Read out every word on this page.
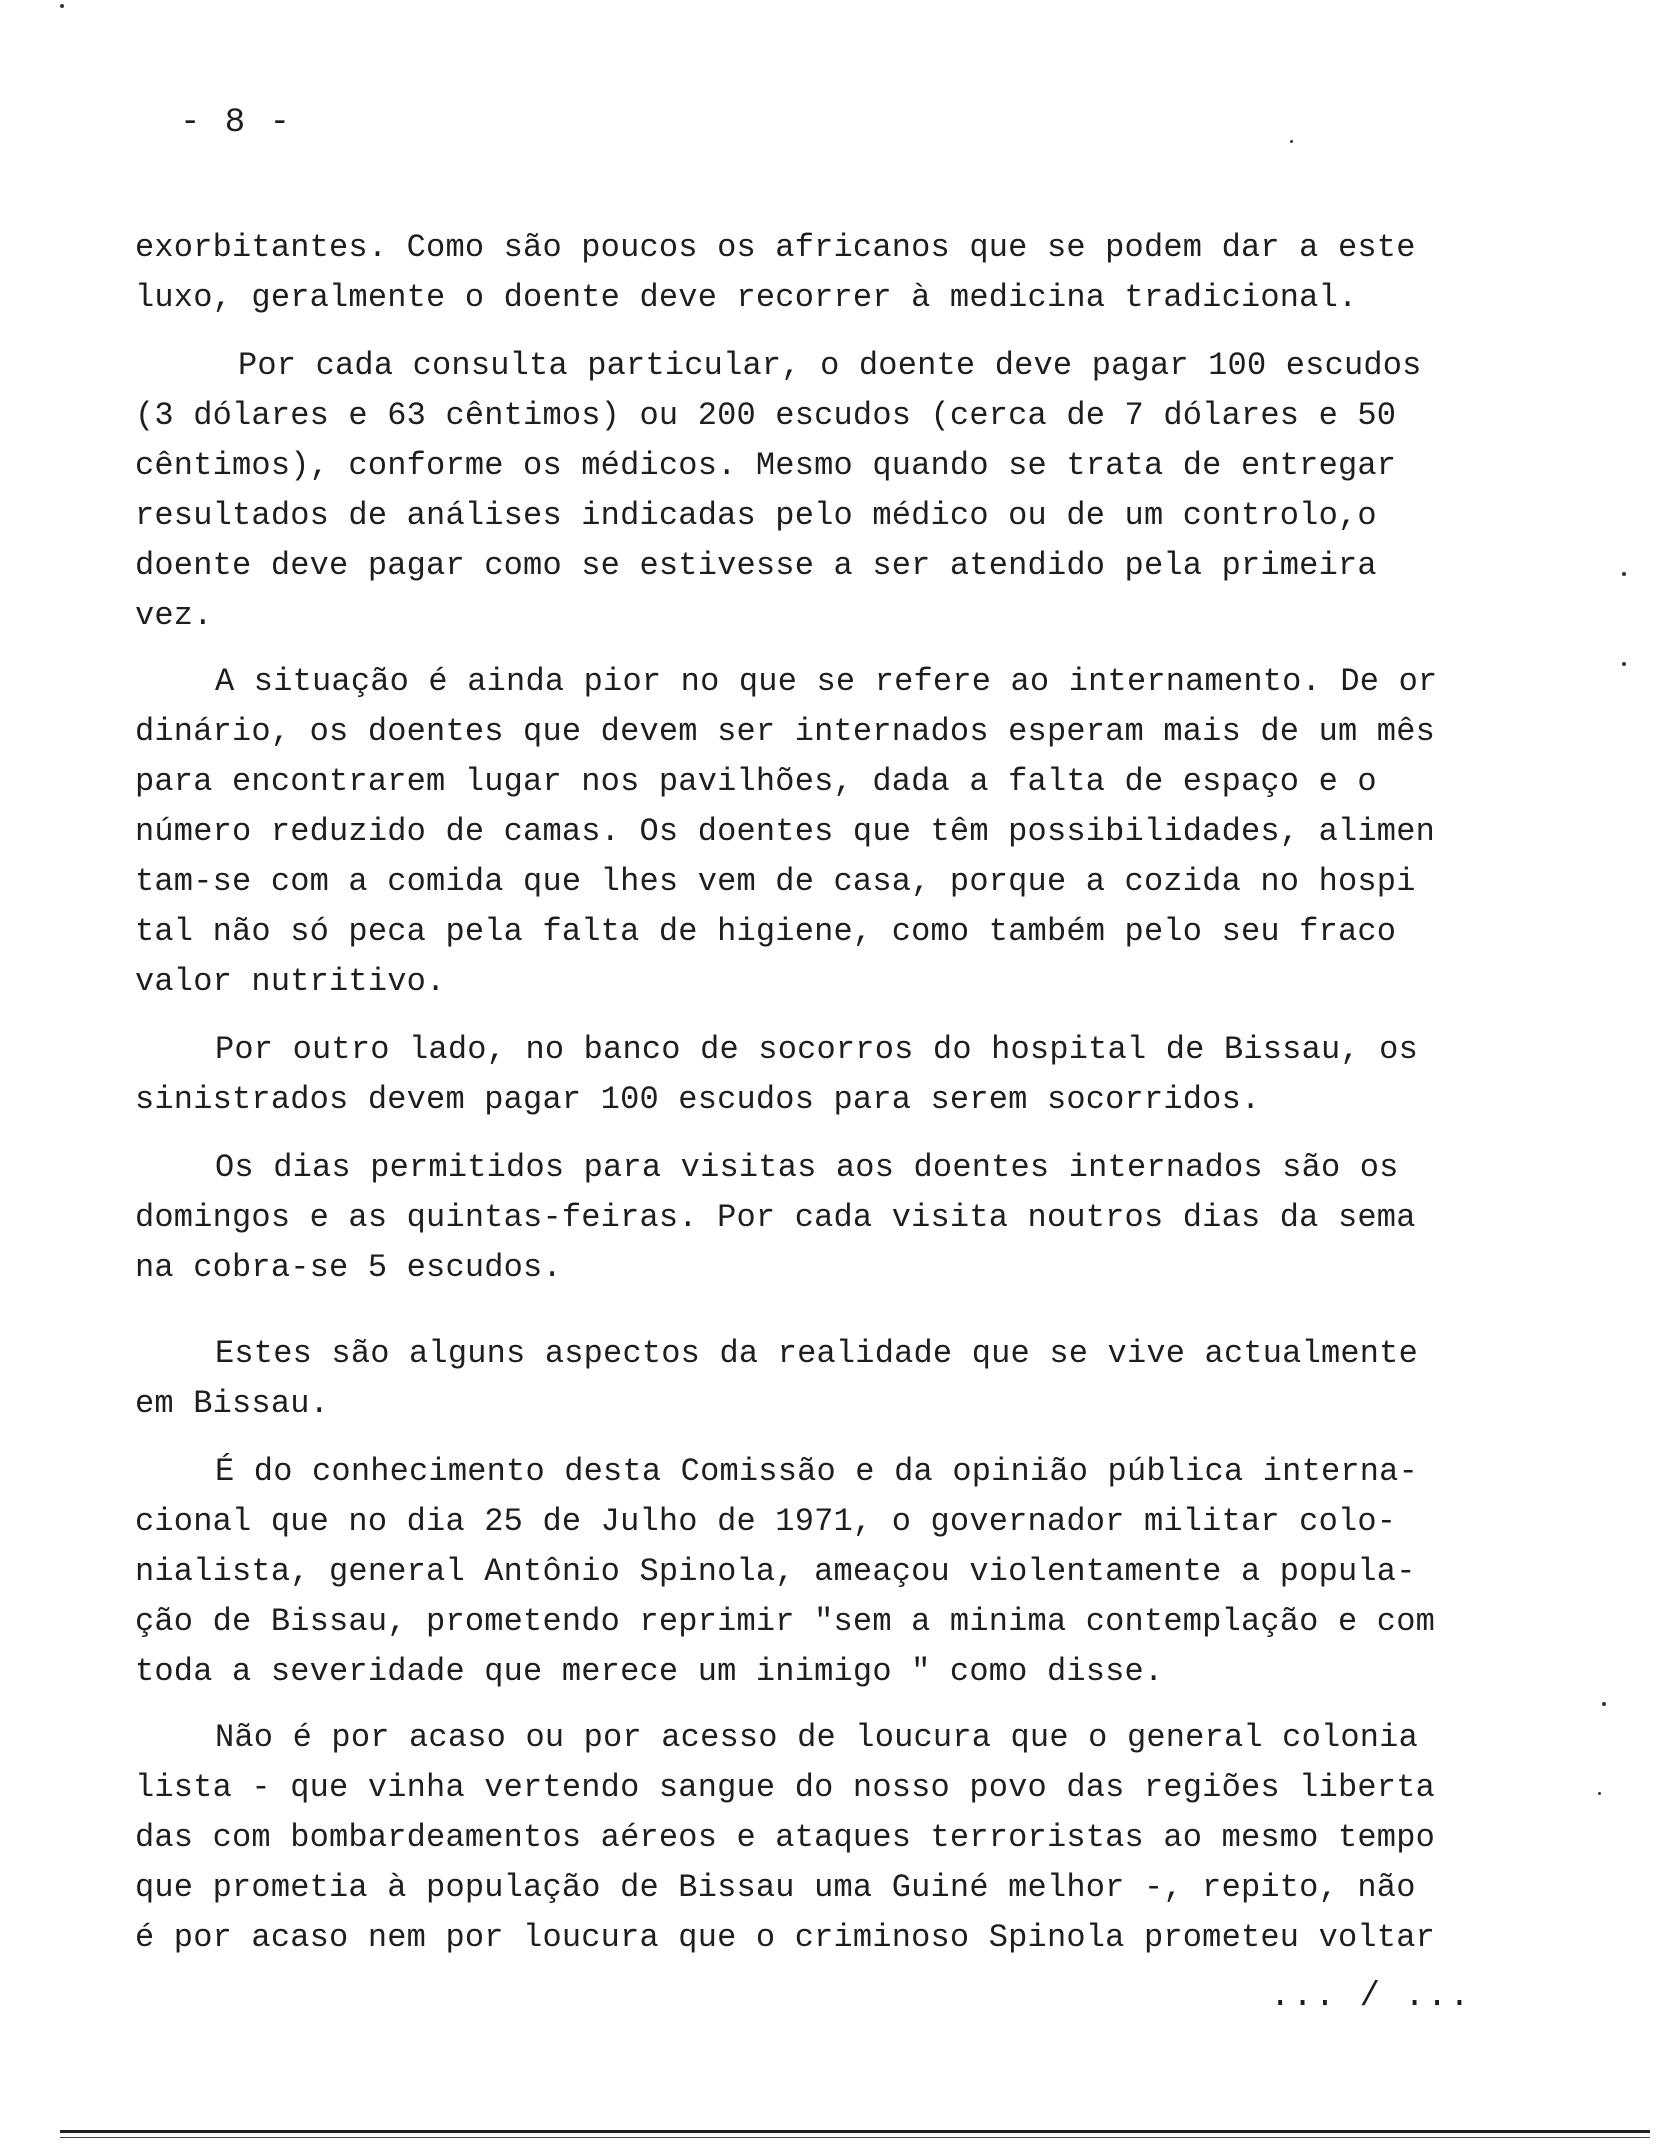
- 8 -
exorbitantes. Como são poucos os africanos que se podem dar a este
luxo, geralmente o doente deve recorrer à medicina tradicional.
Por cada consulta particular, o doente deve pagar 100 escudos
(3 dólares e 63 cêntimos) ou 200 escudos (cerca de 7 dólares e 50
cêntimos), conforme os médicos. Mesmo quando se trata de entregar
resultados de análises indicadas pelo médico ou de um controlo,o
doente deve pagar como se estivesse a ser atendido pela primeira
vez.
A situação é ainda pior no que se refere ao internamento. De or
dinário, os doentes que devem ser internados esperam mais de um mês
para encontrarem lugar nos pavilhões, dada a falta de espaço e o
número reduzido de camas. Os doentes que têm possibilidades, alimen
tam-se com a comida que lhes vem de casa, porque a cozida no hospi
tal não só peca pela falta de higiene, como também pelo seu fraco
valor nutritivo.
Por outro lado, no banco de socorros do hospital de Bissau, os
sinistrados devem pagar 100 escudos para serem socorridos.
Os dias permitidos para visitas aos doentes internados são os
domingos e as quintas-feiras. Por cada visita noutros dias da sema
na cobra-se 5 escudos.
Estes são alguns aspectos da realidade que se vive actualmente
em Bissau.
É do conhecimento desta Comissão e da opinião pública interna-
cional que no dia 25 de Julho de 1971, o governador militar colo-
nialista, general Antônio Spinola, ameaçou violentamente a popula-
ção de Bissau, prometendo reprimir "sem a minima contemplação e com
toda a severidade que merece um inimigo " como disse.
Não é por acaso ou por acesso de loucura que o general colonia
lista - que vinha vertendo sangue do nosso povo das regiões liberta
das com bombardeamentos aéreos e ataques terroristas ao mesmo tempo
que prometia à população de Bissau uma Guiné melhor -, repito, não
é por acaso nem por loucura que o criminoso Spinola prometeu voltar
... / ...
